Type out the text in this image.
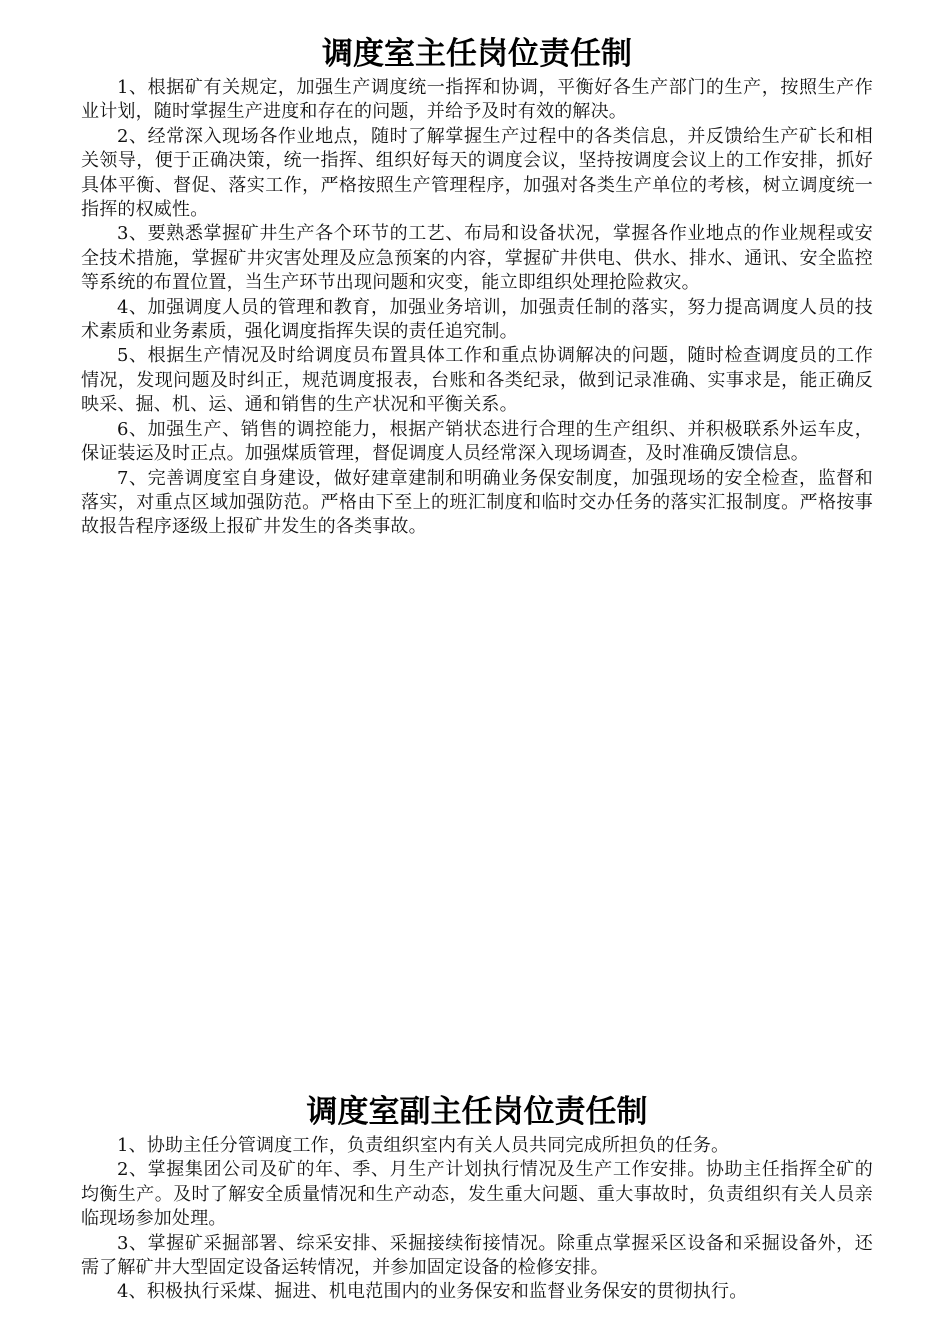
调度室主任岗位责任制

1、根据矿有关规定，加强生产调度统一指挥和协调，平衡好各生产部门的生产，按照生产作业计划，随时掌握生产进度和存在的问题，并给予及时有效的解决。

2、经常深入现场各作业地点，随时了解掌握生产过程中的各类信息，并反馈给生产矿长和相关领导，便于正确决策，统一指挥、组织好每天的调度会议，坚持按调度会议上的工作安排，抓好具体平衡、督促、落实工作，严格按照生产管理程序，加强对各类生产单位的考核，树立调度统一指挥的权威性。

3、要熟悉掌握矿井生产各个环节的工艺、布局和设备状况，掌握各作业地点的作业规程或安全技术措施，掌握矿井灾害处理及应急预案的内容，掌握矿井供电、供水、排水、通讯、安全监控等系统的布置位置，当生产环节出现问题和灾变，能立即组织处理抢险救灾。

4、加强调度人员的管理和教育，加强业务培训，加强责任制的落实，努力提高调度人员的技术素质和业务素质，强化调度指挥失误的责任追究制。

5、根据生产情况及时给调度员布置具体工作和重点协调解决的问题，随时检查调度员的工作情况，发现问题及时纠正，规范调度报表，台账和各类纪录，做到记录准确、实事求是，能正确反映采、掘、机、运、通和销售的生产状况和平衡关系。

6、加强生产、销售的调控能力，根据产销状态进行合理的生产组织、并积极联系外运车皮，保证装运及时正点。加强煤质管理，督促调度人员经常深入现场调查，及时准确反馈信息。

7、完善调度室自身建设，做好建章建制和明确业务保安制度，加强现场的安全检查，监督和落实，对重点区域加强防范。严格由下至上的班汇制度和临时交办任务的落实汇报制度。严格按事故报告程序逐级上报矿井发生的各类事故。

调度室副主任岗位责任制

1、协助主任分管调度工作，负责组织室内有关人员共同完成所担负的任务。

2、掌握集团公司及矿的年、季、月生产计划执行情况及生产工作安排。协助主任指挥全矿的均衡生产。及时了解安全质量情况和生产动态，发生重大问题、重大事故时，负责组织有关人员亲临现场参加处理。

3、掌握矿采掘部署、综采安排、采掘接续衔接情况。除重点掌握采区设备和采掘设备外，还需了解矿井大型固定设备运转情况，并参加固定设备的检修安排。

4、积极执行采煤、掘进、机电范围内的业务保安和监督业务保安的贯彻执行。
